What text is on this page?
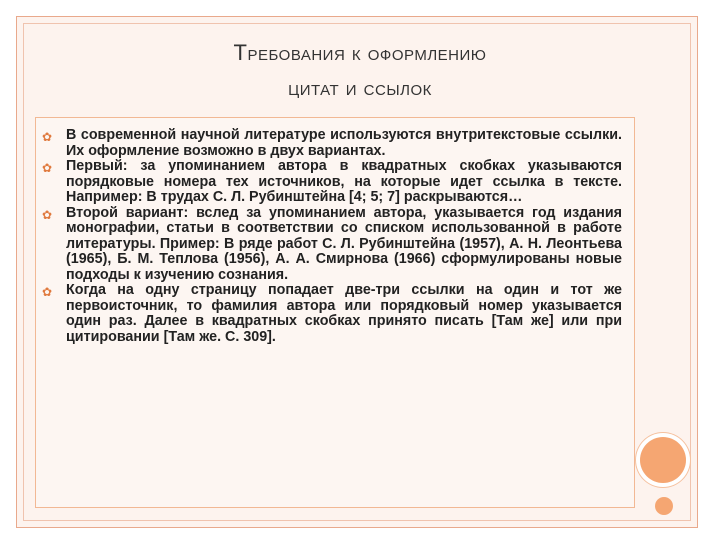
Требования к оформлению
цитат и ссылок
✿ В современной научной литературе используются внутритекстовые ссылки. Их оформление возможно в двух вариантах.
✿ Первый: за упоминанием автора в квадратных скобках указываются порядковые номера тех источников, на которые идет ссылка в тексте. Например: В трудах С. Л. Рубинштейна [4; 5; 7] раскрываются…
✿ Второй вариант: вслед за упоминанием автора, указывается год издания монографии, статьи в соответствии со списком использованной в работе литературы. Пример: В ряде работ С. Л. Рубинштейна (1957), А. Н. Леонтьева (1965), Б. М. Теплова (1956), А. А. Смирнова (1966) сформулированы новые подходы к изучению сознания.
✿ Когда на одну страницу попадает две-три ссылки на один и тот же первоисточник, то фамилия автора или порядковый номер указывается один раз. Далее в квадратных скобках принято писать [Там же] или при цитировании [Там же. С. 309].
